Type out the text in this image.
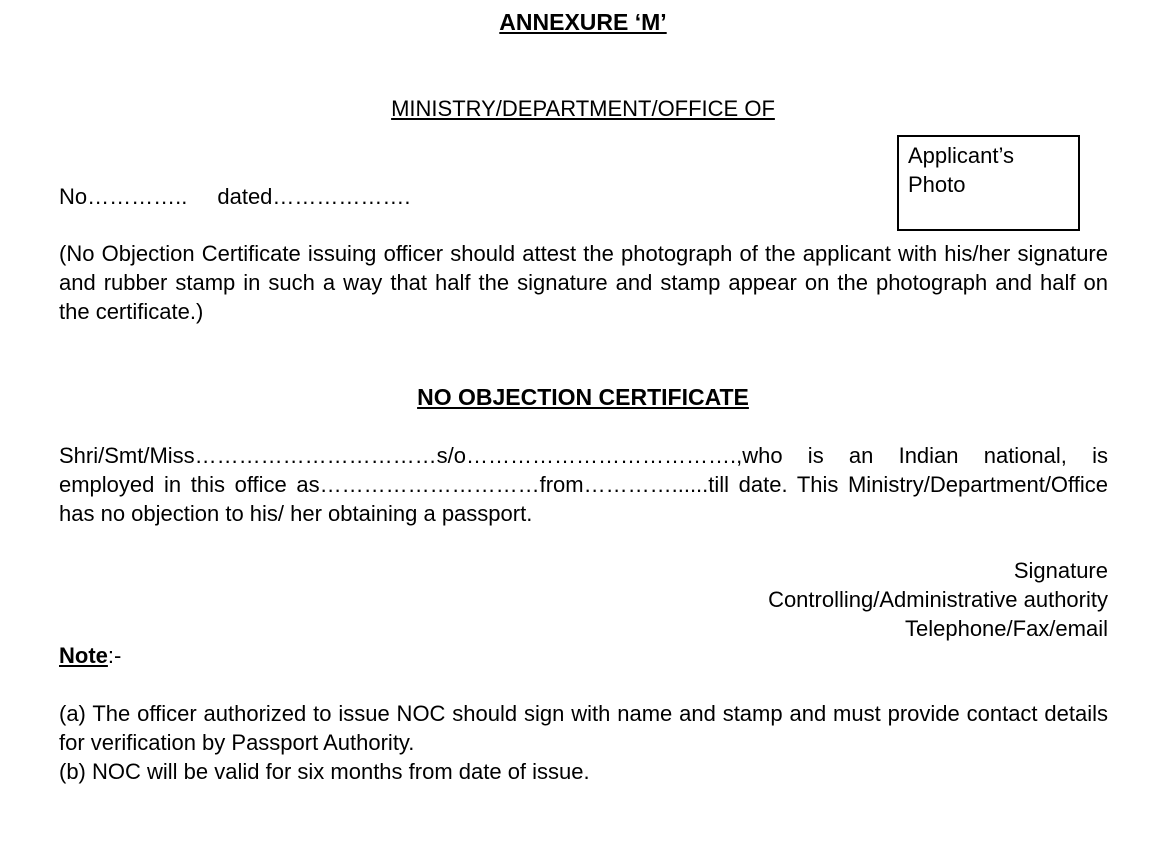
ANNEXURE ‘M’
MINISTRY/DEPARTMENT/OFFICE OF
Applicant’s
Photo
No………….. dated……………….
(No Objection Certificate issuing officer should attest the photograph of the applicant with his/her signature and rubber stamp in such a way that half the signature and stamp appear on the photograph and half on the certificate.)
NO OBJECTION CERTIFICATE
Shri/Smt/Miss……………………………s/o……………………………….,who is an Indian national, is employed in this office as…………………………from…………......till date. This Ministry/Department/Office has no objection to his/ her obtaining a passport.
Signature
Controlling/Administrative authority
Telephone/Fax/email
Note:-
(a) The officer authorized to issue NOC should sign with name and stamp and must provide contact details for verification by Passport Authority.
(b) NOC will be valid for six months from date of issue.
